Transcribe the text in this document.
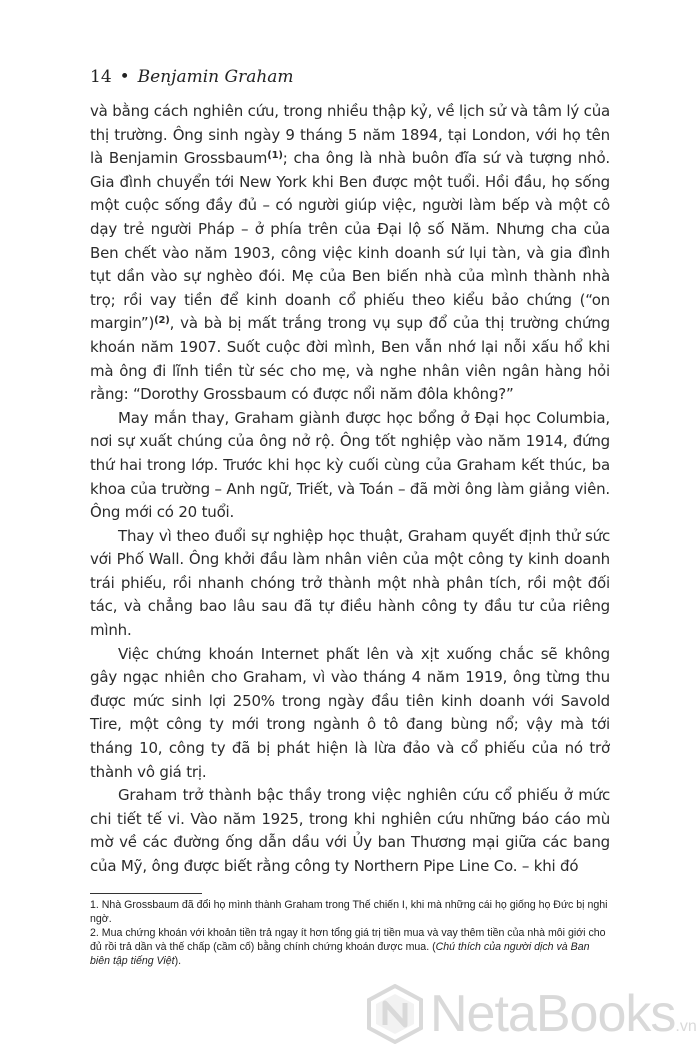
14 • Benjamin Graham

và bằng cách nghiên cứu, trong nhiều thập kỷ, về lịch sử và tâm lý của thị trường. Ông sinh ngày 9 tháng 5 năm 1894, tại London, với họ tên là Benjamin Grossbaum$^{(1)}$; cha ông là nhà buôn đĩa sứ và tượng nhỏ. Gia đình chuyển tới New York khi Ben được một tuổi. Hồi đầu, họ sống một cuộc sống đầy đủ – có người giúp việc, người làm bếp và một cô dạy trẻ người Pháp – ở phía trên của Đại lộ số Năm. Nhưng cha của Ben chết vào năm 1903, công việc kinh doanh sứ lụi tàn, và gia đình tụt dần vào sự nghèo đói. Mẹ của Ben biến nhà của mình thành nhà trọ; rồi vay tiền để kinh doanh cổ phiếu theo kiểu bảo chứng (“on margin”)$^{(2)}$, và bà bị mất trắng trong vụ sụp đổ của thị trường chứng khoán năm 1907. Suốt cuộc đời mình, Ben vẫn nhớ lại nỗi xấu hổ khi mà ông đi lĩnh tiền từ séc cho mẹ, và nghe nhân viên ngân hàng hỏi rằng: “Dorothy Grossbaum có được nổi năm đôla không?”

May mắn thay, Graham giành được học bổng ở Đại học Columbia, nơi sự xuất chúng của ông nở rộ. Ông tốt nghiệp vào năm 1914, đứng thứ hai trong lớp. Trước khi học kỳ cuối cùng của Graham kết thúc, ba khoa của trường – Anh ngữ, Triết, và Toán – đã mời ông làm giảng viên. Ông mới có 20 tuổi.

Thay vì theo đuổi sự nghiệp học thuật, Graham quyết định thử sức với Phố Wall. Ông khởi đầu làm nhân viên của một công ty kinh doanh trái phiếu, rồi nhanh chóng trở thành một nhà phân tích, rồi một đối tác, và chẳng bao lâu sau đã tự điều hành công ty đầu tư của riêng mình.

Việc chứng khoán Internet phất lên và xịt xuống chắc sẽ không gây ngạc nhiên cho Graham, vì vào tháng 4 năm 1919, ông từng thu được mức sinh lợi 250% trong ngày đầu tiên kinh doanh với Savold Tire, một công ty mới trong ngành ô tô đang bùng nổ; vậy mà tới tháng 10, công ty đã bị phát hiện là lừa đảo và cổ phiếu của nó trở thành vô giá trị.

Graham trở thành bậc thầy trong việc nghiên cứu cổ phiếu ở mức chi tiết tế vi. Vào năm 1925, trong khi nghiên cứu những báo cáo mù mờ về các đường ống dẫn dầu với Ủy ban Thương mại giữa các bang của Mỹ, ông được biết rằng công ty Northern Pipe Line Co. – khi đó

1. Nhà Grossbaum đã đổi họ mình thành Graham trong Thế chiến I, khi mà những cái họ giống họ Đức bị nghi ngờ.

2. Mua chứng khoán với khoản tiền trả ngay ít hơn tổng giá trị tiền mua và vay thêm tiền của nhà môi giới cho đủ rồi trả dần và thế chấp (cầm cố) bằng chính chứng khoán được mua. (Chú thích của người dịch và Ban biên tập tiếng Việt).

NetaBooks.vn
